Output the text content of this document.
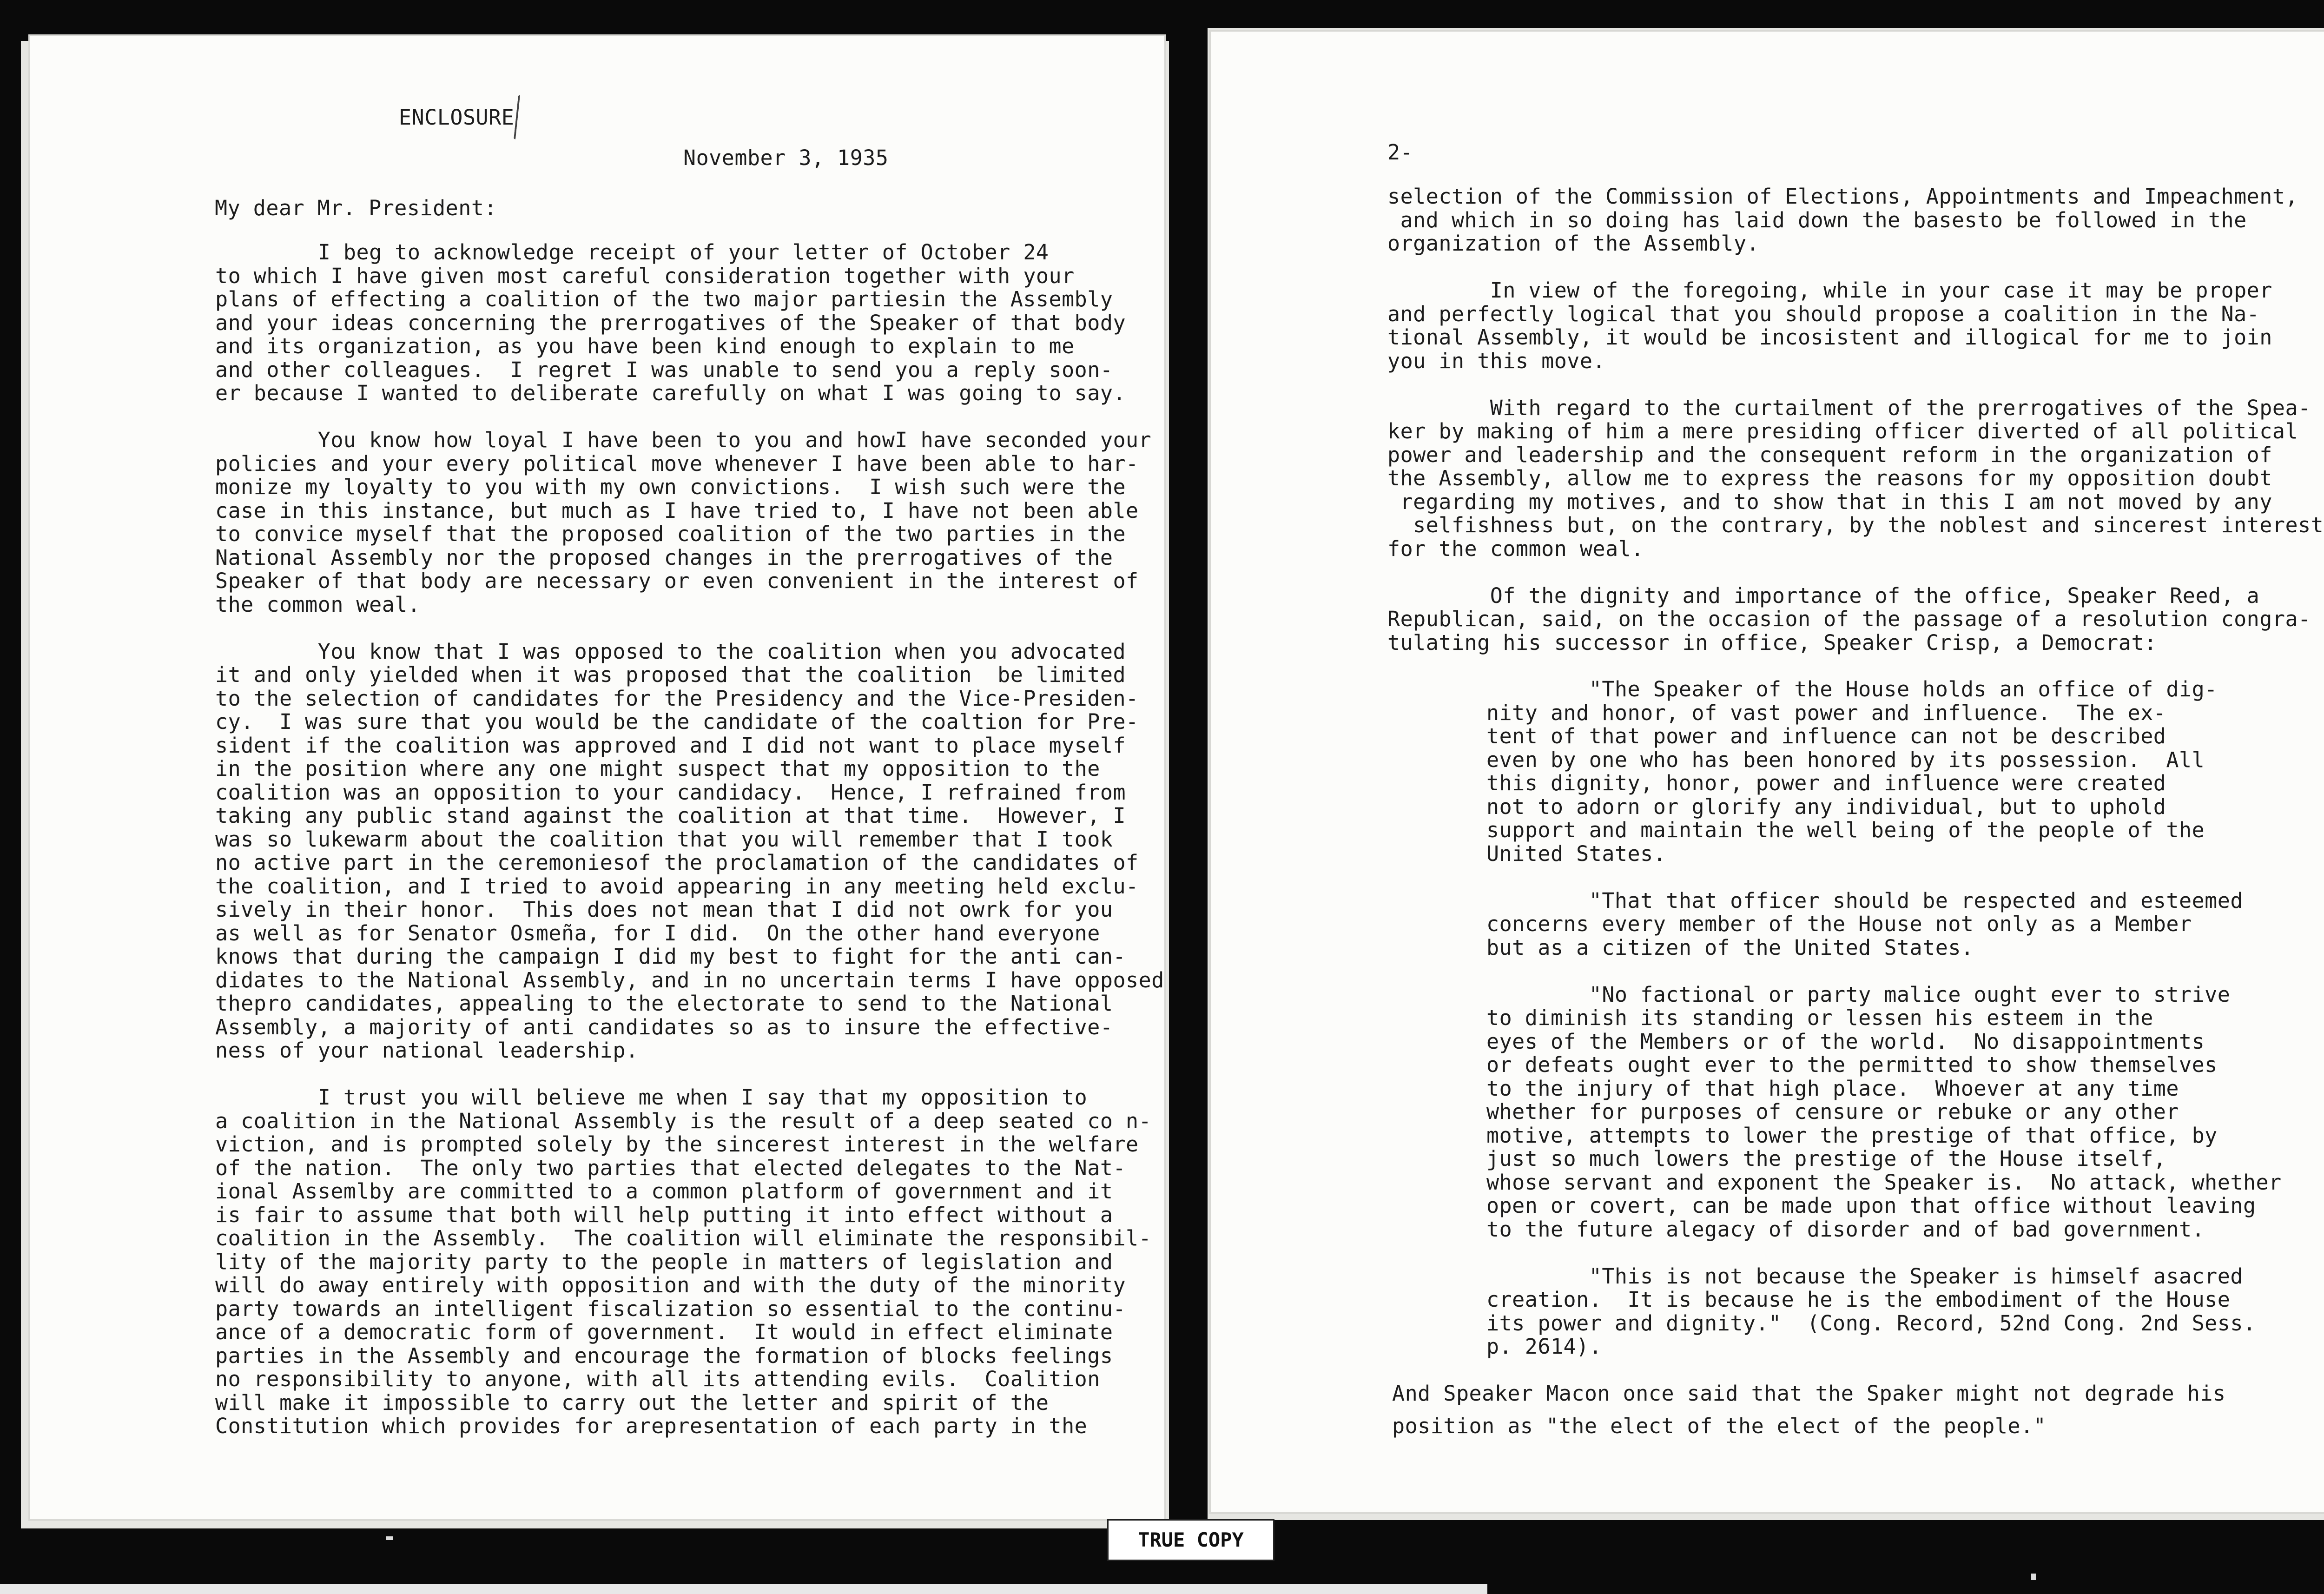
ENCLOSURE
November 3, 1935
My dear Mr. President:
I beg to acknowledge receipt of your letter of October 24
to which I have given most careful consideration together with your
plans of effecting a coalition of the two major partiesin the Assembly
and your ideas concerning the prerrogatives of the Speaker of that body
and its organization, as you have been kind enough to explain to me
and other colleagues.  I regret I was unable to send you a reply soon-
er because I wanted to deliberate carefully on what I was going to say.
You know how loyal I have been to you and howI have seconded your
policies and your every political move whenever I have been able to har-
monize my loyalty to you with my own convictions.  I wish such were the
case in this instance, but much as I have tried to, I have not been able
to convice myself that the proposed coalition of the two parties in the
National Assembly nor the proposed changes in the prerrogatives of the
Speaker of that body are necessary or even convenient in the interest of
the common weal.
You know that I was opposed to the coalition when you advocated
it and only yielded when it was proposed that the coalition  be limited
to the selection of candidates for the Presidency and the Vice-Presiden-
cy.  I was sure that you would be the candidate of the coaltion for Pre-
sident if the coalition was approved and I did not want to place myself
in the position where any one might suspect that my opposition to the
coalition was an opposition to your candidacy.  Hence, I refrained from
taking any public stand against the coalition at that time.  However, I
was so lukewarm about the coalition that you will remember that I took
no active part in the ceremoniesof the proclamation of the candidates of
the coalition, and I tried to avoid appearing in any meeting held exclu-
sively in their honor.  This does not mean that I did not owrk for you
as well as for Senator Osmeña, for I did.  On the other hand everyone
knows that during the campaign I did my best to fight for the anti can-
didates to the National Assembly, and in no uncertain terms I have opposed
thepro candidates, appealing to the electorate to send to the National
Assembly, a majority of anti candidates so as to insure the effective-
ness of your national leadership.
I trust you will believe me when I say that my opposition to
a coalition in the National Assembly is the result of a deep seated co n-
viction, and is prompted solely by the sincerest interest in the welfare
of the nation.  The only two parties that elected delegates to the Nat-
ional Assemlby are committed to a common platform of government and it
is fair to assume that both will help putting it into effect without a
coalition in the Assembly.  The coalition will eliminate the responsibil-
lity of the majority party to the people in matters of legislation and
will do away entirely with opposition and with the duty of the minority
party towards an intelligent fiscalization so essential to the continu-
ance of a democratic form of government.  It would in effect eliminate
parties in the Assembly and encourage the formation of blocks feelings
no responsibility to anyone, with all its attending evils.  Coalition
will make it impossible to carry out the letter and spirit of the
Constitution which provides for arepresentation of each party in the
2-
selection of the Commission of Elections, Appointments and Impeachment,
and which in so doing has laid down the basesto be followed in the
organization of the Assembly.
In view of the foregoing, while in your case it may be proper
and perfectly logical that you should propose a coalition in the Na-
tional Assembly, it would be incosistent and illogical for me to join
you in this move.
With regard to the curtailment of the prerrogatives of the Spea-
ker by making of him a mere presiding officer diverted of all political
power and leadership and the consequent reform in the organization of
the Assembly, allow me to express the reasons for my opposition doubt
regarding my motives, and to show that in this I am not moved by any
selfishness but, on the contrary, by the noblest and sincerest interest
for the common weal.
Of the dignity and importance of the office, Speaker Reed, a
Republican, said, on the occasion of the passage of a resolution congra-
tulating his successor in office, Speaker Crisp, a Democrat:
"The Speaker of the House holds an office of dig-
nity and honor, of vast power and influence.  The ex-
tent of that power and influence can not be described
even by one who has been honored by its possession.  All
this dignity, honor, power and influence were created
not to adorn or glorify any individual, but to uphold
support and maintain the well being of the people of the
United States.
"That that officer should be respected and esteemed
concerns every member of the House not only as a Member
but as a citizen of the United States.
"No factional or party malice ought ever to strive
to diminish its standing or lessen his esteem in the
eyes of the Members or of the world.  No disappointments
or defeats ought ever to the permitted to show themselves
to the injury of that high place.  Whoever at any time
whether for purposes of censure or rebuke or any other
motive, attempts to lower the prestige of that office, by
just so much lowers the prestige of the House itself,
whose servant and exponent the Speaker is.  No attack, whether
open or covert, can be made upon that office without leaving
to the future alegacy of disorder and of bad government.
"This is not because the Speaker is himself asacred
creation.  It is because he is the embodiment of the House
its power and dignity."  (Cong. Record, 52nd Cong. 2nd Sess.
p. 2614).
And Speaker Macon once said that the Spaker might not degrade his
position as "the elect of the elect of the people."
TRUE COPY
